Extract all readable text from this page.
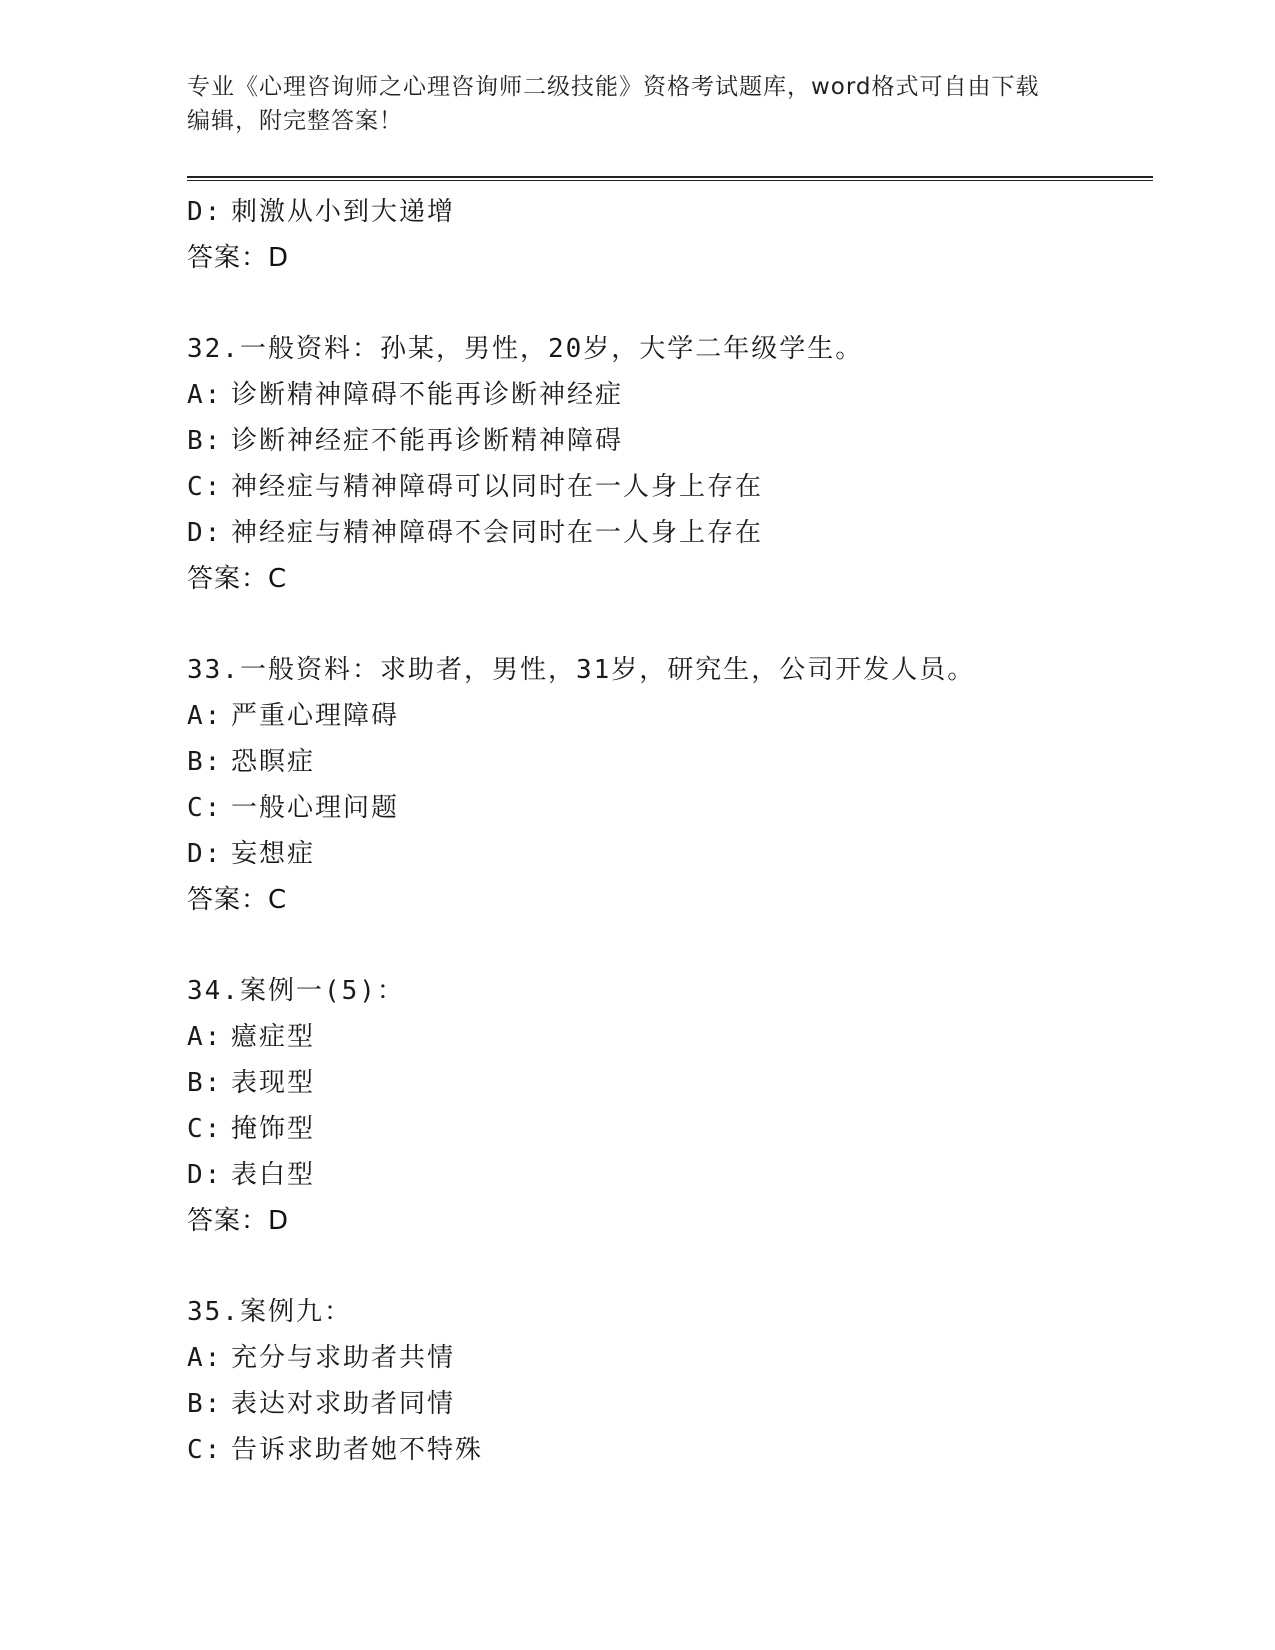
专业《心理咨询师之心理咨询师二级技能》资格考试题库，word格式可自由下载
编辑，附完整答案！
D: 刺激从小到大递增
答案：D
32.一般资料：孙某，男性，20岁，大学二年级学生。
A: 诊断精神障碍不能再诊断神经症
B: 诊断神经症不能再诊断精神障碍
C: 神经症与精神障碍可以同时在一人身上存在
D: 神经症与精神障碍不会同时在一人身上存在
答案：C
33.一般资料：求助者，男性，31岁，研究生，公司开发人员。
A: 严重心理障碍
B: 恐瞑症
C: 一般心理问题
D: 妄想症
答案：C
34.案例一(5)：
A: 癔症型
B: 表现型
C: 掩饰型
D: 表白型
答案：D
35.案例九：
A: 充分与求助者共情
B: 表达对求助者同情
C: 告诉求助者她不特殊
